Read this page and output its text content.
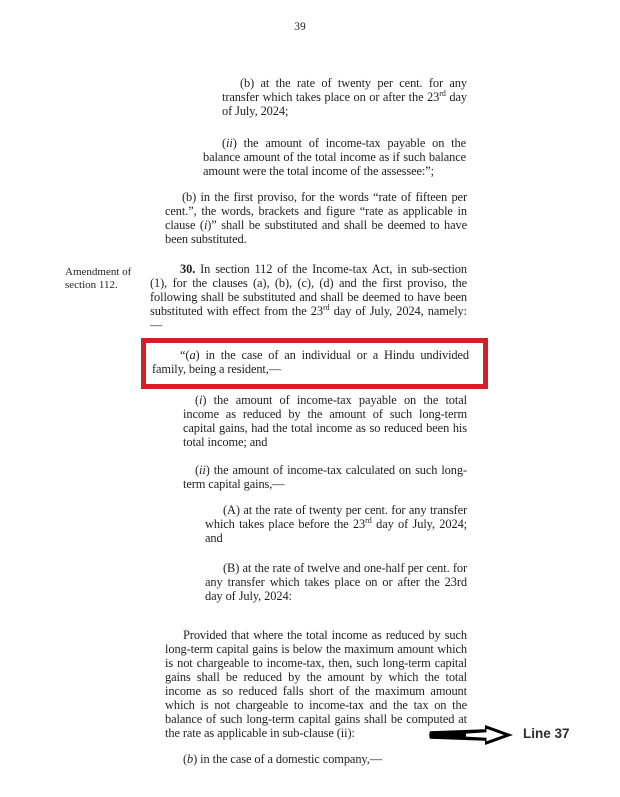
39
Amendment of section 112.

(b) at the rate of twenty per cent. for any transfer which takes place on or after the 23rd day of July, 2024;

(ii) the amount of income-tax payable on the balance amount of the total income as if such balance amount were the total income of the assessee:”;

(b) in the first proviso, for the words “rate of fifteen per cent.”, the words, brackets and figure “rate as applicable in clause (i)” shall be substituted and shall be deemed to have been substituted.

30. In section 112 of the Income-tax Act, in sub-section (1), for the clauses (a), (b), (c), (d) and the first proviso, the following shall be substituted and shall be deemed to have been substituted with effect from the 23rd day of July, 2024, namely:—

“(a) in the case of an individual or a Hindu undivided family, being a resident,—

(i) the amount of income-tax payable on the total income as reduced by the amount of such long-term capital gains, had the total income as so reduced been his total income; and

(ii) the amount of income-tax calculated on such long-term capital gains,—

(A) at the rate of twenty per cent. for any transfer which takes place before the 23rd day of July, 2024; and

(B) at the rate of twelve and one-half per cent. for any transfer which takes place on or after the 23rd day of July, 2024:

Provided that where the total income as reduced by such long-term capital gains is below the maximum amount which is not chargeable to income-tax, then, such long-term capital gains shall be reduced by the amount by which the total income as so reduced falls short of the maximum amount which is not chargeable to income-tax and the tax on the balance of such long-term capital gains shall be computed at the rate as applicable in sub-clause (ii):

(b) in the case of a domestic company,—

Line 37
